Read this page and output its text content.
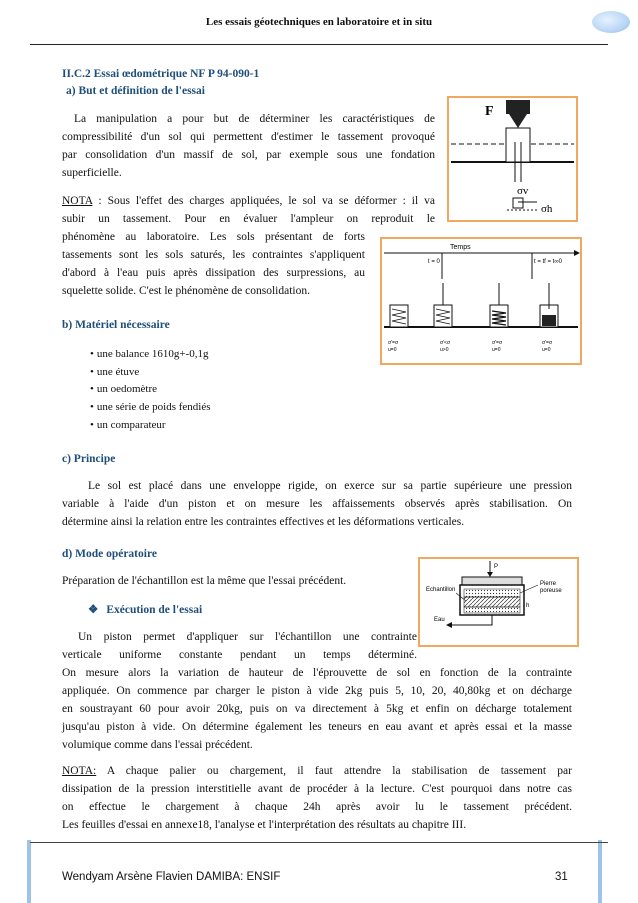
Les essais géotechniques en laboratoire et in situ
II.C.2 Essai œdométrique NF P 94-090-1
a) But et définition de l'essai
La manipulation a pour but de déterminer les caractéristiques de
compressibilité d'un sol qui permettent d'estimer le tassement provoqué
par consolidation d'un massif de sol, par exemple sous une fondation
superficielle.
NOTA : Sous l'effet des charges appliquées, le sol va se déformer : il va
subir un tassement. Pour en évaluer l'ampleur on reproduit le
phénomène au laboratoire. Les sols présentant de forts
tassements sont les sols saturés, les contraintes s'appliquent
d'abord à l'eau puis après dissipation des surpressions, au
squelette solide. C'est le phénomène de consolidation.
b) Matériel nécessaire
• une balance 1610g+-0,1g
• une étuve
• un oedomètre
• une série de poids fendiés
• un comparateur
c) Principe
Le sol est placé dans une enveloppe rigide, on exerce sur sa partie supérieure une pression
variable à l'aide d'un piston et on mesure les affaissements observés après stabilisation. On
détermine ainsi la relation entre les contraintes effectives et les déformations verticales.
d) Mode opératoire
Préparation de l'échantillon est la même que l'essai précédent.
❖ Exécution de l'essai
Un piston permet d'appliquer sur l'échantillon une contrainte
verticale uniforme constante pendant un temps déterminé.
On mesure alors la variation de hauteur de l'éprouvette de sol en fonction de la contrainte
appliquée. On commence par charger le piston à vide 2kg puis 5, 10, 20, 40,80kg et on décharge
en soustrayant 60 pour avoir 20kg, puis on va directement à 5kg et enfin on décharge totalement
jusqu'au piston à vide. On détermine également les teneurs en eau avant et après essai et la masse
volumique comme dans l'essai précédent.
NOTA: A chaque palier ou chargement, il faut attendre la stabilisation de tassement par
dissipation de la pression interstitielle avant de procéder à la lecture. C'est pourquoi dans notre cas
on effectue le chargement à chaque 24h après avoir lu le tassement précédent.
Les feuilles d'essai en annexe18, l'analyse et l'interprétation des résultats au chapitre III.
F
σv
σh
Temps
t = 0	t = tf = t∞0
σ'=σ u=0
σ'<σ u>0
σ'=σ u=0
σ'=σ u=0
P
Echantillon
Pierre poreuse
h
Eau
Wendyam Arsène Flavien DAMIBA: ENSIF	31
